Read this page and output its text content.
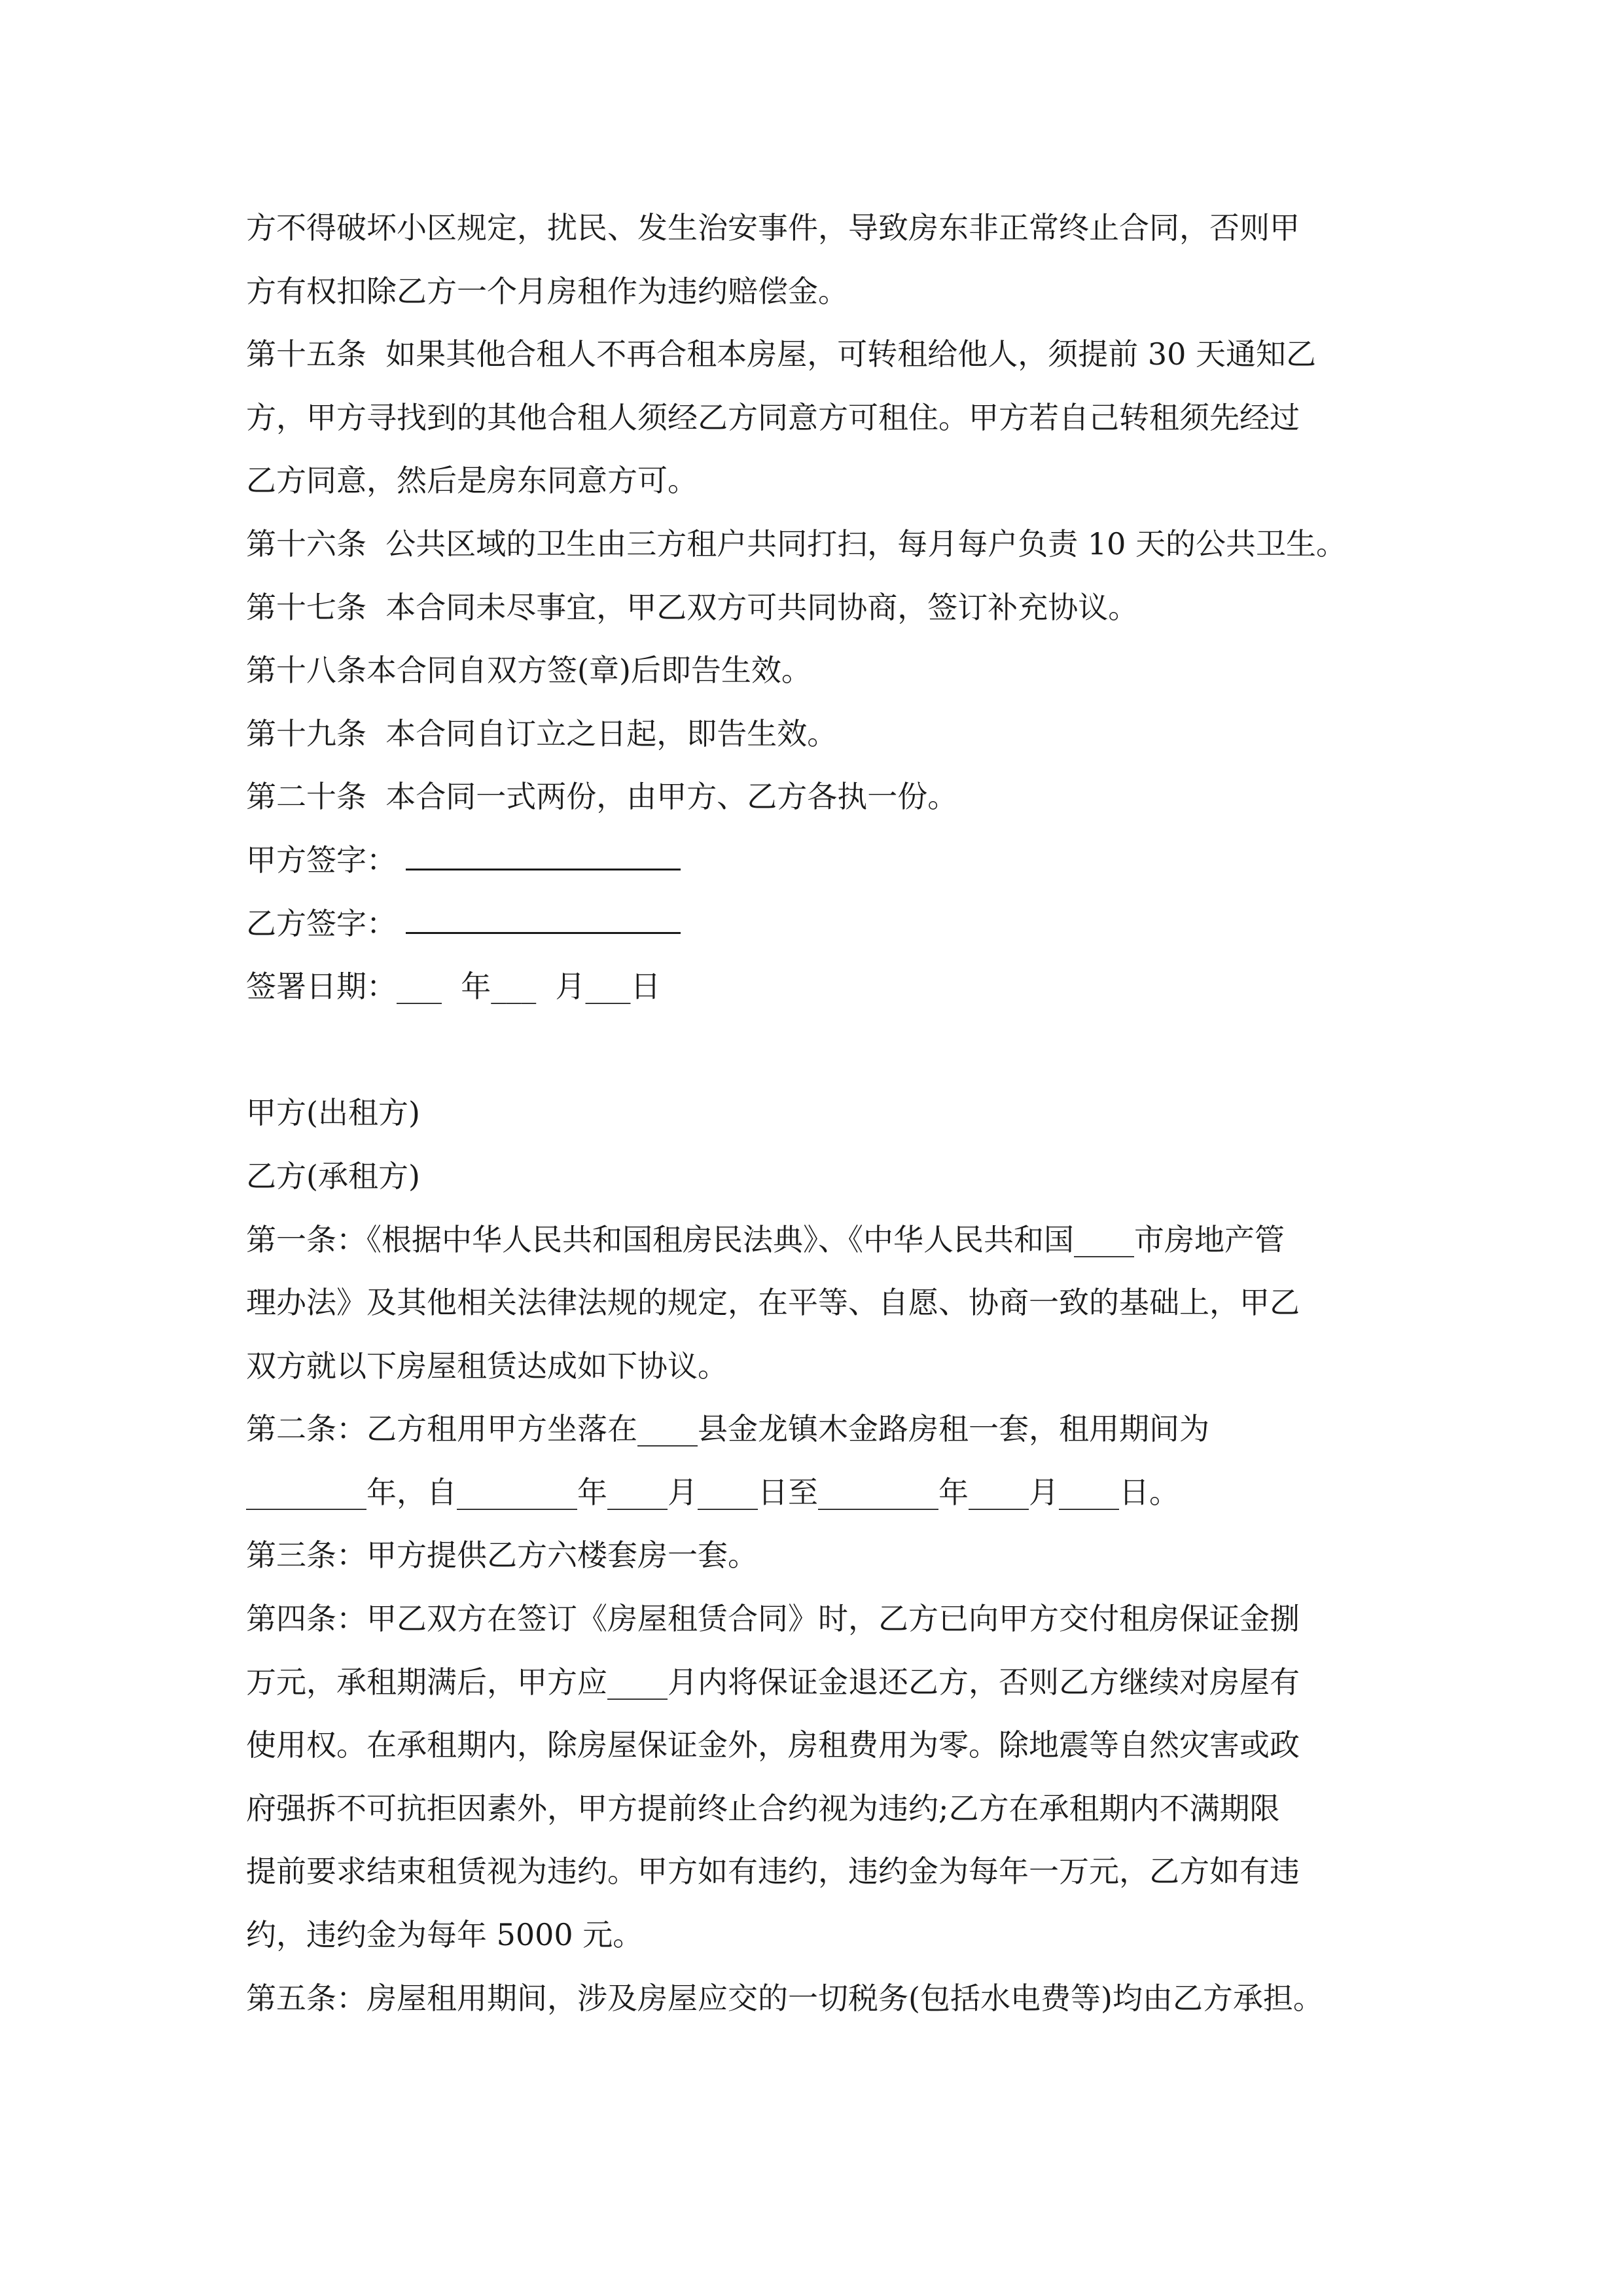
方不得破坏小区规定，扰民、发生治安事件，导致房东非正常终止合同，否则甲
方有权扣除乙方一个月房租作为违约赔偿金。
第十五条  如果其他合租人不再合租本房屋，可转租给他人，须提前 30 天通知乙
方，甲方寻找到的其他合租人须经乙方同意方可租住。甲方若自己转租须先经过
乙方同意，然后是房东同意方可。
第十六条  公共区域的卫生由三方租户共同打扫，每月每户负责 10 天的公共卫生。
第十七条  本合同未尽事宜，甲乙双方可共同协商，签订补充协议。
第十八条本合同自双方签(章)后即告生效。
第十九条  本合同自订立之日起，即告生效。
第二十条  本合同一式两份，由甲方、乙方各执一份。
甲方签字：
乙方签字：
签署日期：___  年___  月___日
甲方(出租方)
乙方(承租方)
第一条：《根据中华人民共和国租房民法典》、《中华人民共和国____市房地产管
理办法》及其他相关法律法规的规定，在平等、自愿、协商一致的基础上，甲乙
双方就以下房屋租赁达成如下协议。
第二条：乙方租用甲方坐落在____县金龙镇木金路房租一套，租用期间为
________年，自________年____月____日至________年____月____日。
第三条：甲方提供乙方六楼套房一套。
第四条：甲乙双方在签订《房屋租赁合同》时，乙方已向甲方交付租房保证金捌
万元，承租期满后，甲方应____月内将保证金退还乙方，否则乙方继续对房屋有
使用权。在承租期内，除房屋保证金外，房租费用为零。除地震等自然灾害或政
府强拆不可抗拒因素外，甲方提前终止合约视为违约;乙方在承租期内不满期限
提前要求结束租赁视为违约。甲方如有违约，违约金为每年一万元，乙方如有违
约，违约金为每年 5000 元。
第五条：房屋租用期间，涉及房屋应交的一切税务(包括水电费等)均由乙方承担。
